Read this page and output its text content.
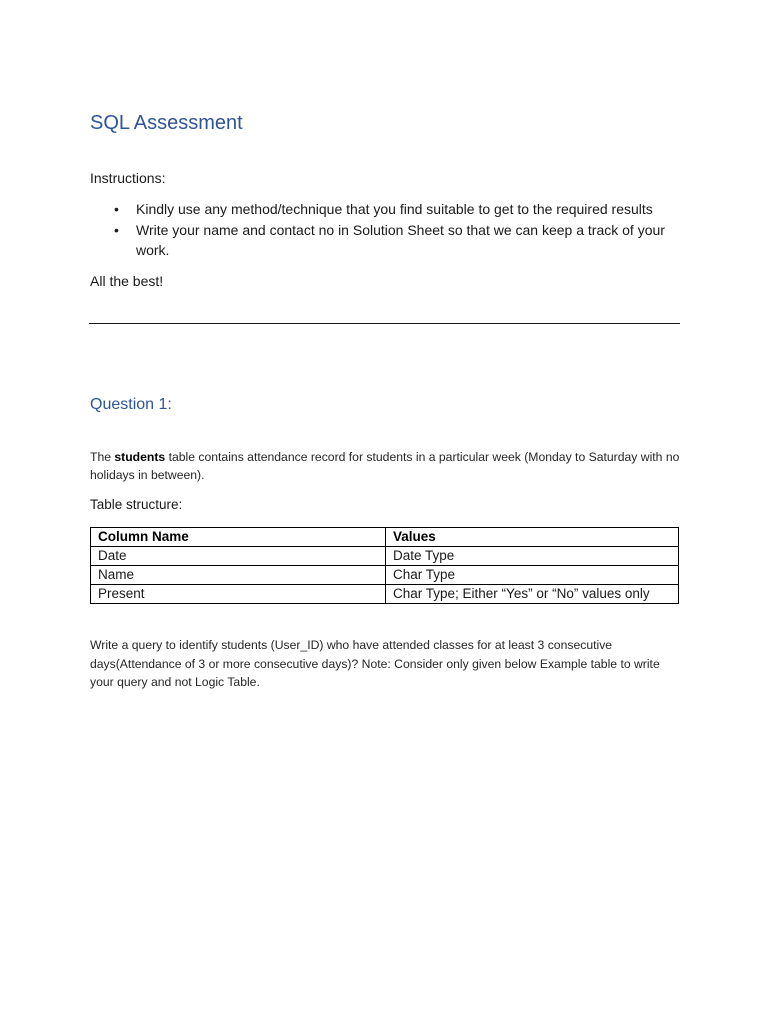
SQL Assessment

Instructions:

• Kindly use any method/technique that you find suitable to get to the required results
• Write your name and contact no in Solution Sheet so that we can keep a track of your work.

All the best!

Question 1:

The students table contains attendance record for students in a particular week (Monday to Saturday with no holidays in between).

Table structure:

Column Name	Values
Date	Date Type
Name	Char Type
Present	Char Type; Either “Yes” or “No” values only

Write a query to identify students (User_ID) who have attended classes for at least 3 consecutive days(Attendance of 3 or more consecutive days)? Note: Consider only given below Example table to write your query and not Logic Table.
